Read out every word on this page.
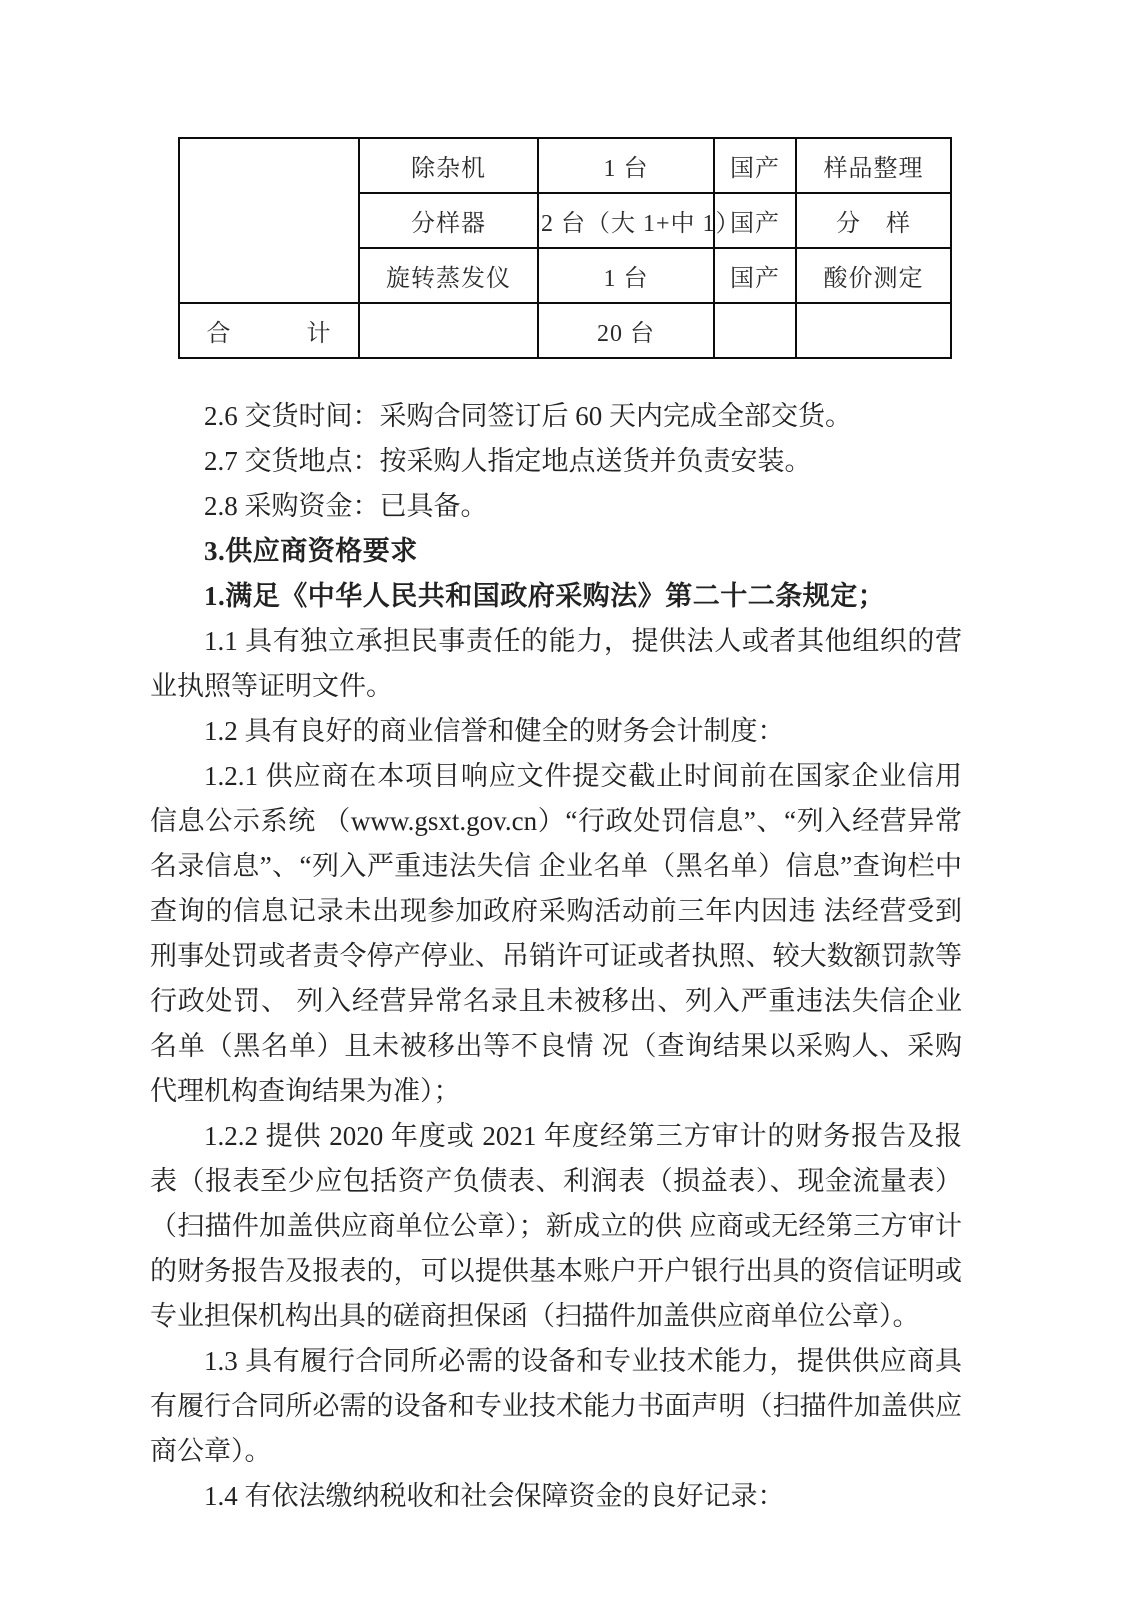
	除杂机	1 台	国产	样品整理
	分样器	2 台（大 1+中 1）	国产	分　样
	旋转蒸发仪	1 台	国产	酸价测定
合　　　计		20 台		

2.6 交货时间：采购合同签订后 60 天内完成全部交货。

2.7 交货地点：按采购人指定地点送货并负责安装。

2.8 采购资金：已具备。

3.供应商资格要求

1.满足《中华人民共和国政府采购法》第二十二条规定；

1.1 具有独立承担民事责任的能力，提供法人或者其他组织的营业执照等证明文件。

1.2 具有良好的商业信誉和健全的财务会计制度：

1.2.1 供应商在本项目响应文件提交截止时间前在国家企业信用信息公示系统 （www.gsxt.gov.cn）“行政处罚信息”、“列入经营异常名录信息”、“列入严重违法失信 企业名单（黑名单）信息”查询栏中查询的信息记录未出现参加政府采购活动前三年内因违 法经营受到刑事处罚或者责令停产停业、吊销许可证或者执照、较大数额罚款等行政处罚、 列入经营异常名录且未被移出、列入严重违法失信企业名单（黑名单）且未被移出等不良情 况（查询结果以采购人、采购代理机构查询结果为准）；

1.2.2 提供 2020 年度或 2021 年度经第三方审计的财务报告及报表（报表至少应包括资产负债表、利润表（损益表）、现金流量表）（扫描件加盖供应商单位公章）；新成立的供 应商或无经第三方审计的财务报告及报表的，可以提供基本账户开户银行出具的资信证明或 专业担保机构出具的磋商担保函（扫描件加盖供应商单位公章）。

1.3 具有履行合同所必需的设备和专业技术能力，提供供应商具有履行合同所必需的设备和专业技术能力书面声明（扫描件加盖供应商公章）。

1.4 有依法缴纳税收和社会保障资金的良好记录：
